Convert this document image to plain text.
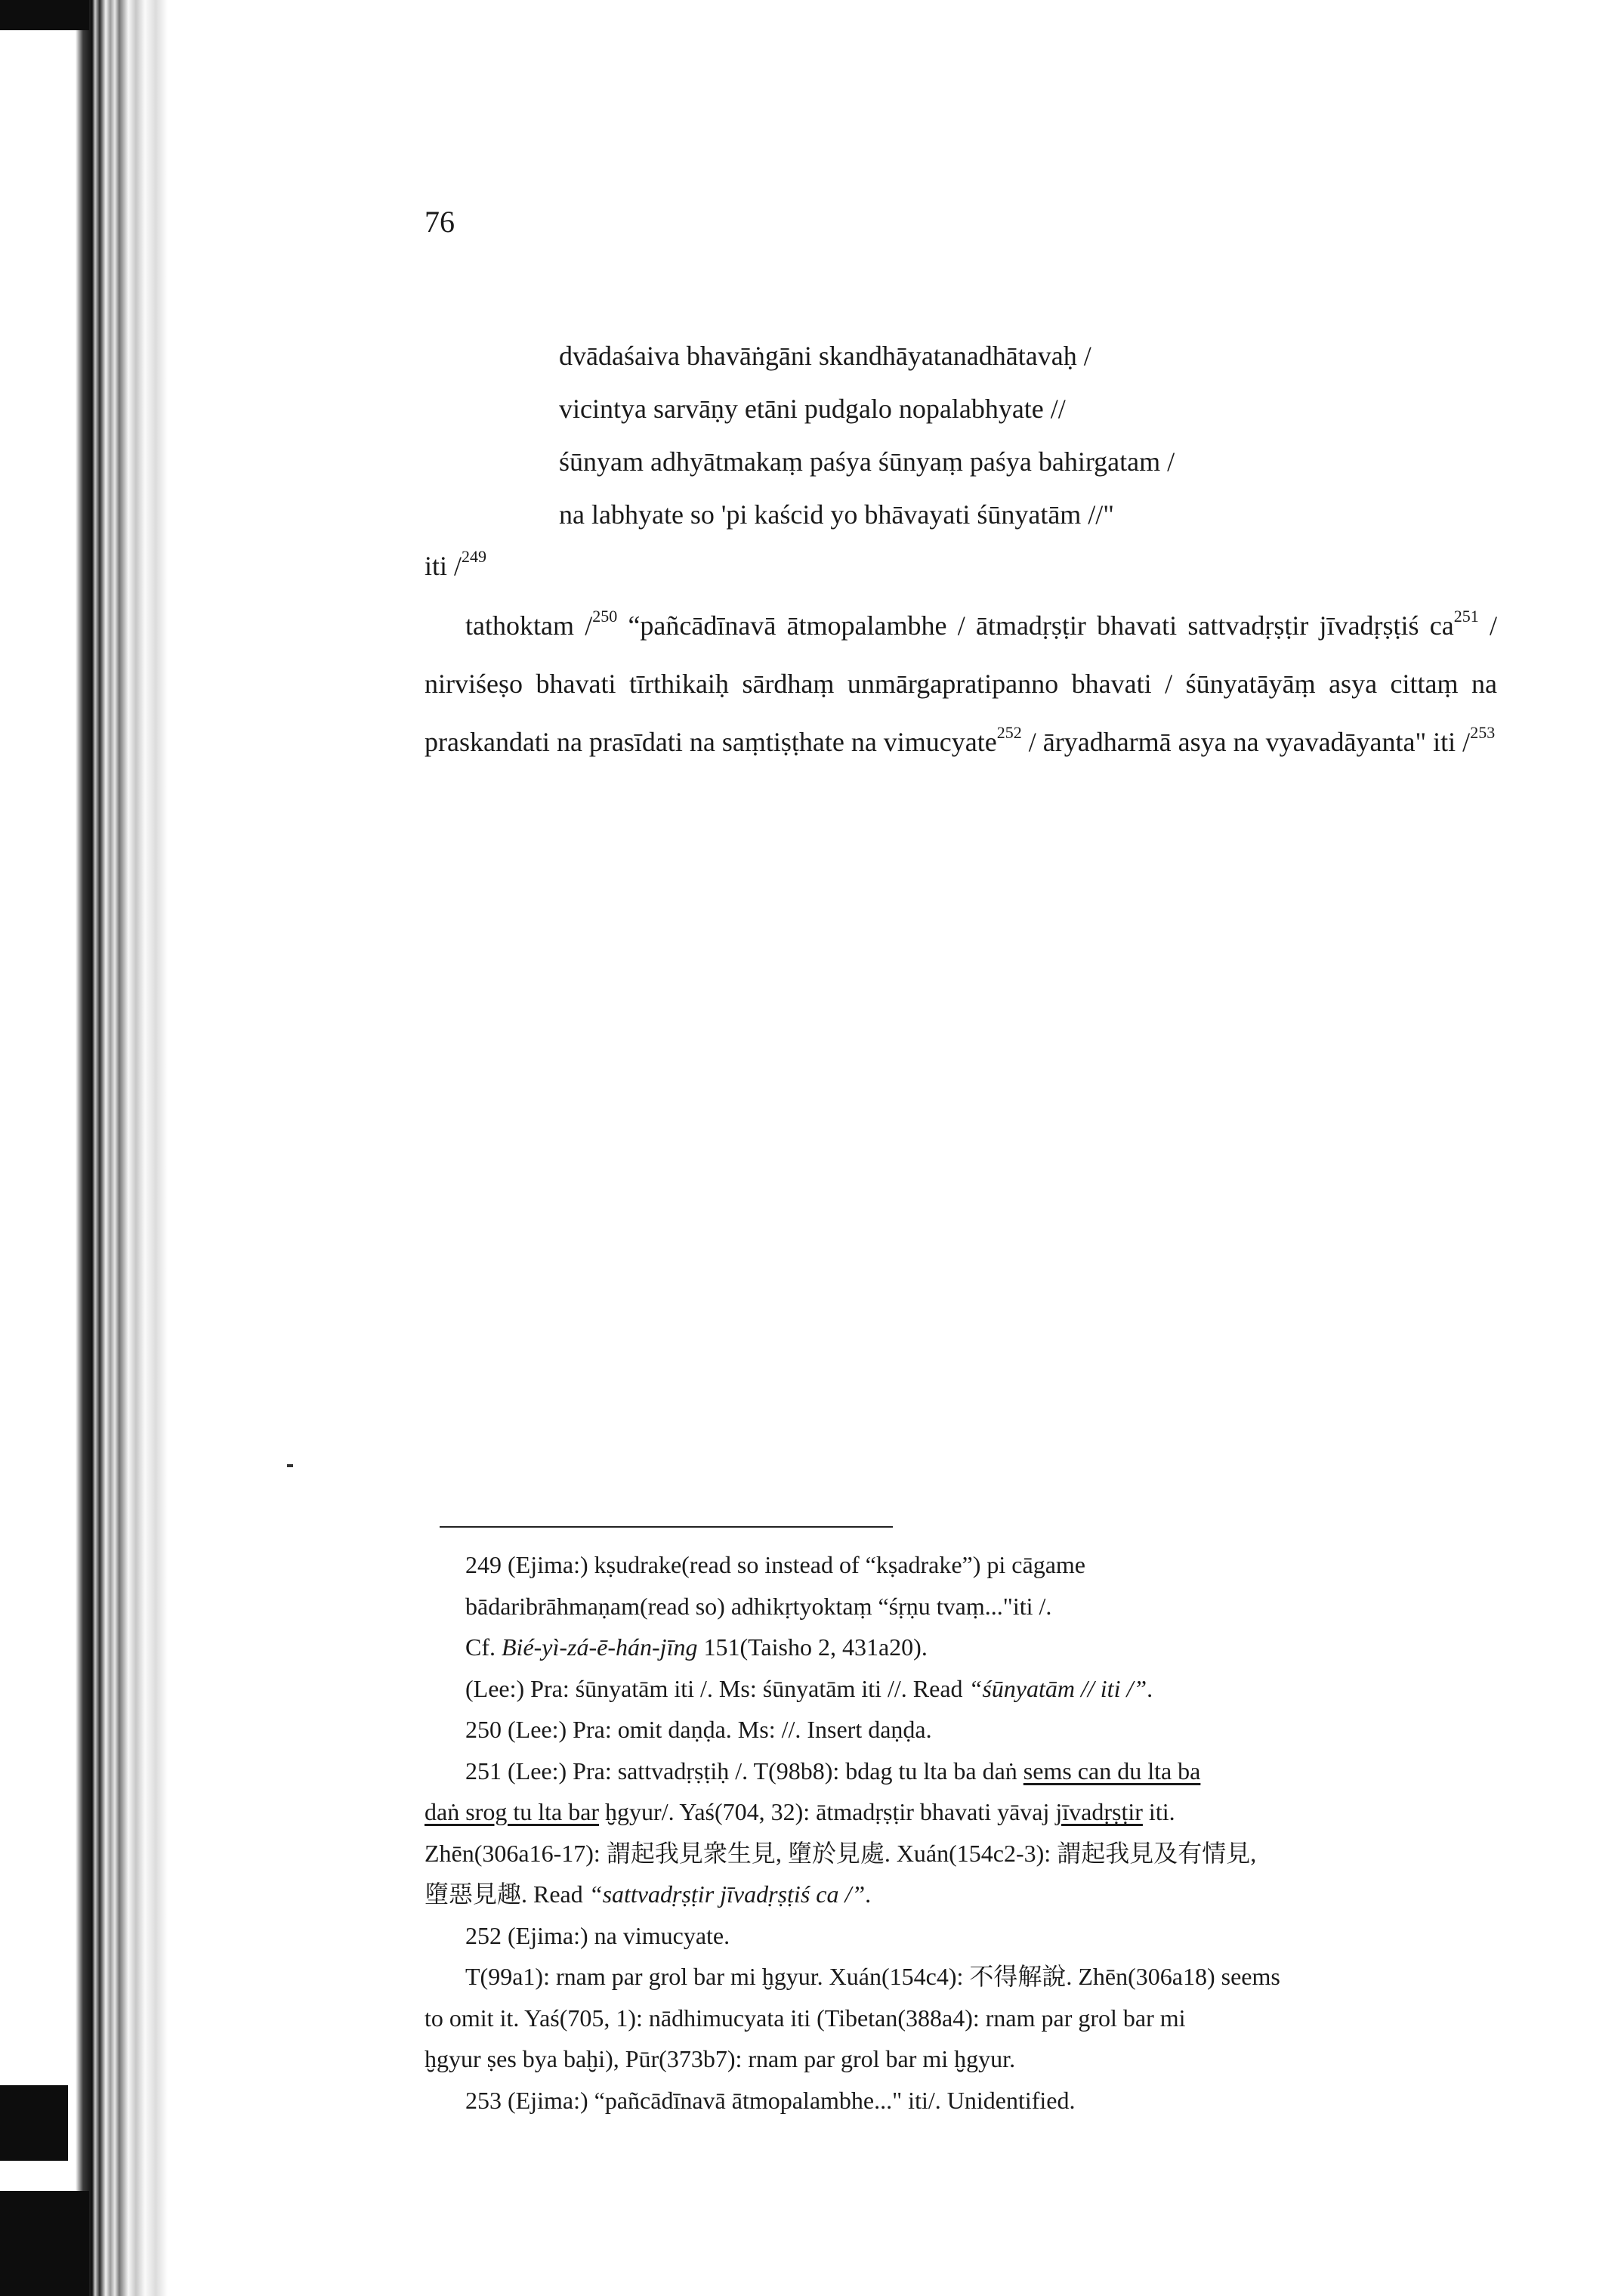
76
dvādaśaiva bhavāṅgāni skandhāyatanadhātavaḥ /
vicintya sarvāṇy etāni pudgalo nopalabhyate //
śūnyam adhyātmakaṃ paśya śūnyaṃ paśya bahirgatam /
na labhyate so 'pi kaścid yo bhāvayati śūnyatām //"
iti /$^{249}$
tathoktam /$^{250}$ “pañcādīnavā ātmopalambhe / ātmadṛṣṭir bhavati sattvadṛṣṭir jīvadṛṣṭiś $ca^{251}$ / nirviśeṣo bhavati tīrthikaiḥ sārdhaṃ unmārgapratipanno bhavati / śūnyatāyāṃ asya cittaṃ na praskandati na prasīdati na saṃtiṣṭhate na vimucyate$^{252}$ / āryadharmā asya na vyavadāyanta" iti /$^{253}$
249 (Ejima:) kṣudrake(read so instead of “kṣadrake”) pi cāgame
bādaribrāhmaṇam(read so) adhikṛtyoktaṃ “śṛṇu tvaṃ..."iti /.
Cf. Bié-yì-zá-ē-hán-jīng 151(Taisho 2, 431a20).
(Lee:) Pra: śūnyatām iti /. Ms: śūnyatām iti //. Read “śūnyatām // iti /”.
250 (Lee:) Pra: omit daṇḍa. Ms: //. Insert daṇḍa.
251 (Lee:) Pra: sattvadṛṣṭiḥ /. T(98b8): bdag tu lta ba daṅ sems can du lta ba
daṅ srog tu lta bar ḫgyur/. Yaś(704, 32): ātmadṛṣṭir bhavati yāvaj jīvadṛṣṭir iti.
Zhēn(306a16-17): 謂起我見衆生見, 墮於見處. Xuán(154c2-3): 謂起我見及有情見,
墮惡見趣. Read “sattvadṛṣṭir jīvadṛṣṭiś ca /”.
252 (Ejima:) na vimucyate.
T(99a1): rnam par grol bar mi ḫgyur. Xuán(154c4): 不得解說. Zhēn(306a18) seems
to omit it. Yaś(705, 1): nādhimucyata iti (Tibetan(388a4): rnam par grol bar mi
ḫgyur ṣes bya baḫi), Pūr(373b7): rnam par grol bar mi ḫgyur.
253 (Ejima:) “pañcādīnavā ātmopalambhe..." iti/. Unidentified.
